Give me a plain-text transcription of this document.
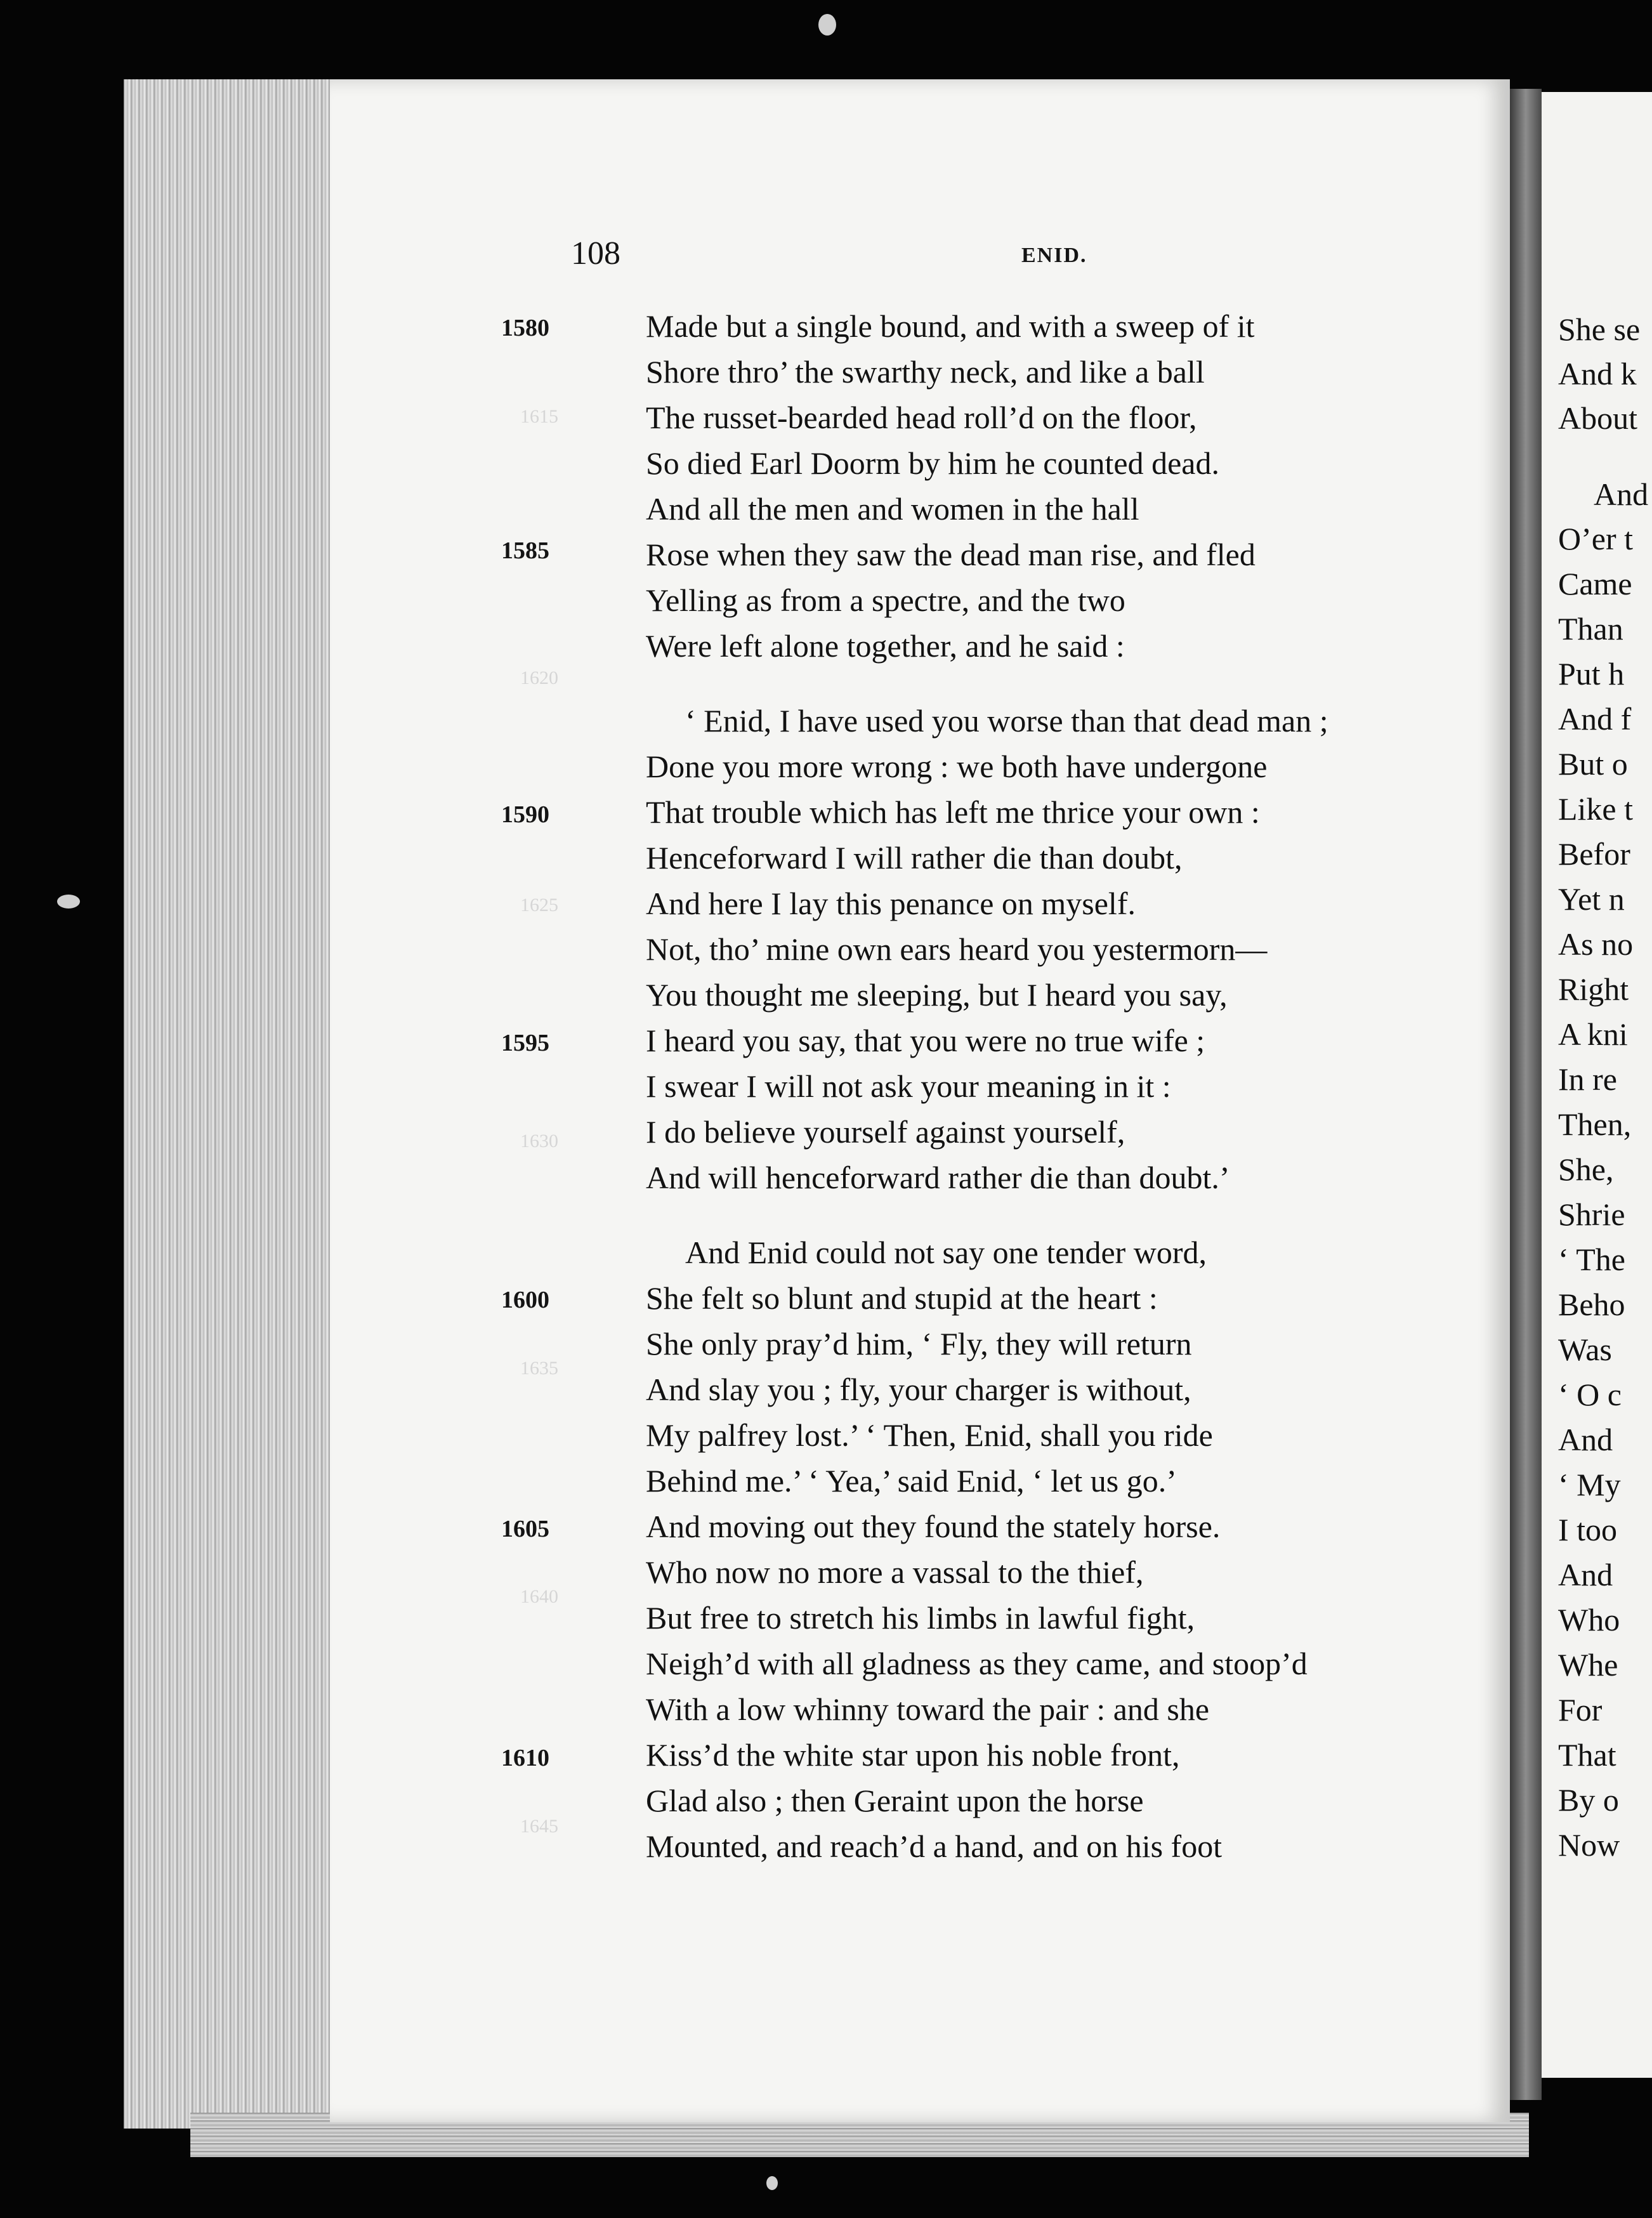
She se
And k
About
And
O’er t
Came
Than
Put h
And f
But o
Like t
Befor
Yet n
As no
Right
A kni
In re
Then,
She,
Shrie
‘ The
Beho
Was
‘ O c
And
‘ My
I too
And
Who
Whe
For
That
By o
Now
108	ENID.
1580
1585
1590
1595
1600
1605
1610
1615
1620
1625
1630
1635
1640
1645
Made but a single bound, and with a sweep of it
Shore thro’ the swarthy neck, and like a ball
The russet-bearded head roll’d on the floor,
So died Earl Doorm by him he counted dead.
And all the men and women in the hall
Rose when they saw the dead man rise, and fled
Yelling as from a spectre, and the two
Were left alone together, and he said :
‘ Enid, I have used you worse than that dead man ;
Done you more wrong : we both have undergone
That trouble which has left me thrice your own :
Henceforward I will rather die than doubt,
And here I lay this penance on myself.
Not, tho’ mine own ears heard you yestermorn—
You thought me sleeping, but I heard you say,
I heard you say, that you were no true wife ;
I swear I will not ask your meaning in it :
I do believe yourself against yourself,
And will henceforward rather die than doubt.’
And Enid could not say one tender word,
She felt so blunt and stupid at the heart :
She only pray’d him, ‘ Fly, they will return
And slay you ; fly, your charger is without,
My palfrey lost.’ ‘ Then, Enid, shall you ride
Behind me.’ ‘ Yea,’ said Enid, ‘ let us go.’
And moving out they found the stately horse.
Who now no more a vassal to the thief,
But free to stretch his limbs in lawful fight,
Neigh’d with all gladness as they came, and stoop’d
With a low whinny toward the pair : and she
Kiss’d the white star upon his noble front,
Glad also ; then Geraint upon the horse
Mounted, and reach’d a hand, and on his foot
